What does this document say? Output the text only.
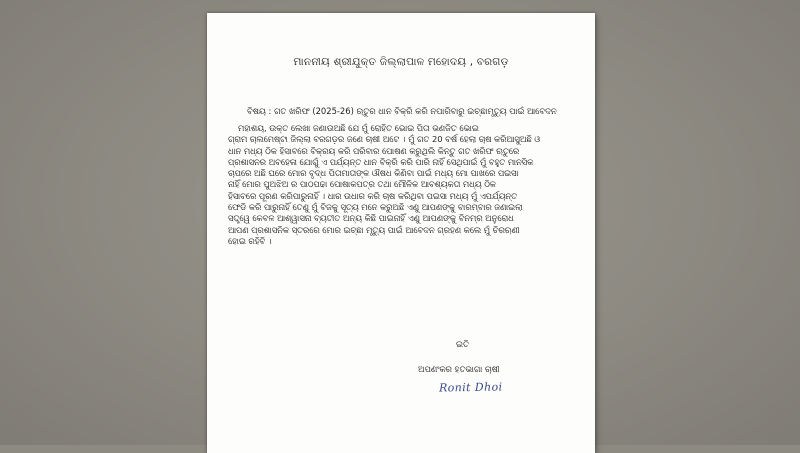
ମାନନୀୟ ଶ୍ରୀଯୁକ୍ତ ଜିଲ୍ଲାପାଳ ମହୋଦୟ , ବରଗଡ଼
ବିଷୟ : ଗତ ଖରିଫ (2025-26) ଋତୁର ଧାନ ବିକ୍ରି କରି ନପାରିବାରୁ ଇଚ୍ଛାମୃତ୍ୟୁ ପାଇଁ ଆବେଦନ
ମହାଶୟ, ଉକ୍ତ ଲେଖା ଜଣାଉଅଛି ଯେ ମୁଁ ରୋହିତ ଭୋଇ ପିତା ଭଣଜିତ ଭୋଇ
ଗ୍ରାମ ଚାଲମେଷ୍ଟା ଜିଲ୍ଲା ବରଗଡ଼ର ଜଣେ ଚାଷୀ ଅଟେ । ମୁଁ ଗତ 20 ବର୍ଷ ହେଲା ଚାଷ କରିଆସୁଅଛି ଓ
ଧାନ ମଧ୍ୟ ଠିକ ହିସାବରେ ବିକ୍ରୟ କରି ପରିବାର ପୋଷଣ କରୁଥିଲି କିନ୍ତୁ ଗତ ଖରିଫ ଋତୁରେ
ପ୍ରଶାସନର ଅବହେଳା ଯୋଗୁଁ ଏ ପର୍ଯ୍ୟନ୍ତ ଧାନ ବିକ୍ରି କରି ପାରି ନାହିଁ ସେଥିପାଇଁ ମୁଁ ବହୁତ ମାନସିକ
ଚାପରେ ଅଛି ଘରେ ମୋର ବୃଦ୍ଧ ପିତାମାତାଙ୍କ ଔଷଧ କିଣିବା ପାଇଁ ମଧ୍ୟ ମୋ ପାଖରେ ପଇସା
ନାହିଁ ମୋର ପୁଅଝିଅ ର ପାଠପଢା ପୋଷାକପତ୍ର ତଥା ମୌଳିକ ଆବଶ୍ୟକତା ମଧ୍ୟ ଠିକ
ହିସାବରେ ପୂରଣ କରିପାରୁନାହିଁ । ଧାର ଉଧାର କରି ଚାଷ କରିଥିବା ପଇସା ମଧ୍ୟ ମୁଁ ଏପର୍ଯ୍ୟନ୍ତ
ଫେଡି କରି ପାରୁନାହିଁ ତେଣୁ ମୁଁ ବିଜକୁ ସୂତ୍ୟ ମନେ କରୁଅଛି ଏଣୁ ଆପଣଙ୍କୁ ବାରମ୍ବାର ଜଣାଇଲା
ସତ୍ତ୍ୱେ କେବଳ ଆଶ୍ୱାସନା ବ୍ୟତୀତ ଅନ୍ୟ କିଛି ପାଇନାହିଁ ଏଣୁ ଆପଣଙ୍କୁ ବିନମ୍ର ଅନୁରୋଧ
ଆପଣ ପ୍ରଶାସନିକ ସ୍ତରରେ ମୋର ଇଚ୍ଛା ମୃତ୍ୟୁ ପାଇଁ ଆବେଦନ ଗ୍ରହଣ କଲେ ମୁଁ ଚିରଋଣୀ
ହୋଇ ରହିବି ।
ଇତି
ଅପଣଂକର ହତଭାଗା ଚାଷୀ
Ronit Dhoi
